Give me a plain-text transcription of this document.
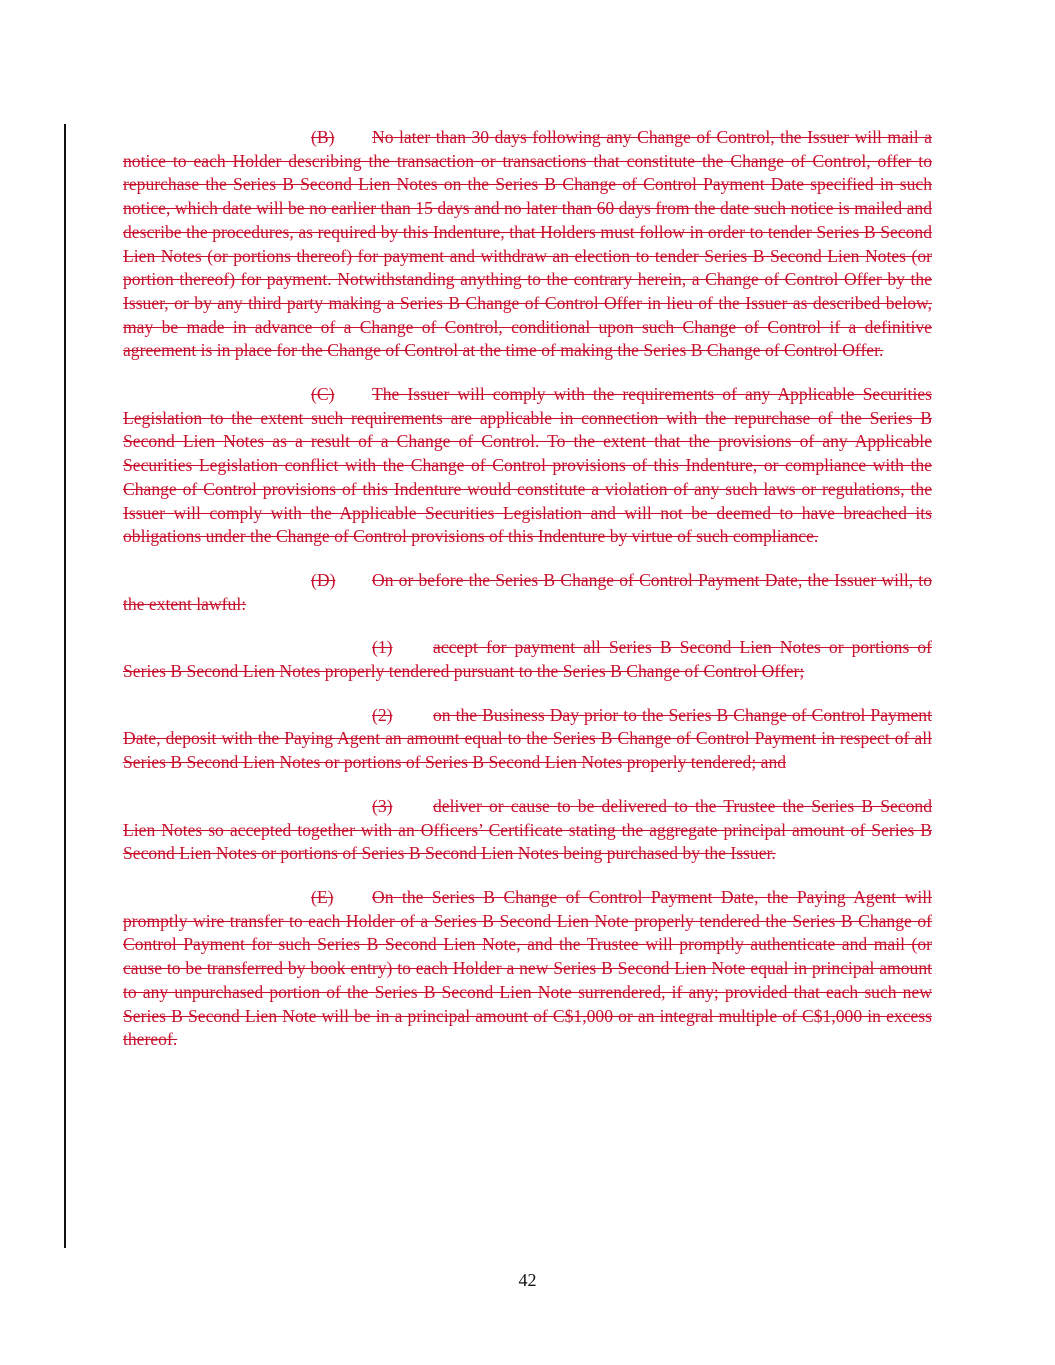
(B) No later than 30 days following any Change of Control, the Issuer will mail a notice to each Holder describing the transaction or transactions that constitute the Change of Control, offer to repurchase the Series B Second Lien Notes on the Series B Change of Control Payment Date specified in such notice, which date will be no earlier than 15 days and no later than 60 days from the date such notice is mailed and describe the procedures, as required by this Indenture, that Holders must follow in order to tender Series B Second Lien Notes (or portions thereof) for payment and withdraw an election to tender Series B Second Lien Notes (or portion thereof) for payment. Notwithstanding anything to the contrary herein, a Change of Control Offer by the Issuer, or by any third party making a Series B Change of Control Offer in lieu of the Issuer as described below, may be made in advance of a Change of Control, conditional upon such Change of Control if a definitive agreement is in place for the Change of Control at the time of making the Series B Change of Control Offer.

(C) The Issuer will comply with the requirements of any Applicable Securities Legislation to the extent such requirements are applicable in connection with the repurchase of the Series B Second Lien Notes as a result of a Change of Control. To the extent that the provisions of any Applicable Securities Legislation conflict with the Change of Control provisions of this Indenture, or compliance with the Change of Control provisions of this Indenture would constitute a violation of any such laws or regulations, the Issuer will comply with the Applicable Securities Legislation and will not be deemed to have breached its obligations under the Change of Control provisions of this Indenture by virtue of such compliance.

(D) On or before the Series B Change of Control Payment Date, the Issuer will, to the extent lawful:

(1) accept for payment all Series B Second Lien Notes or portions of Series B Second Lien Notes properly tendered pursuant to the Series B Change of Control Offer;

(2) on the Business Day prior to the Series B Change of Control Payment Date, deposit with the Paying Agent an amount equal to the Series B Change of Control Payment in respect of all Series B Second Lien Notes or portions of Series B Second Lien Notes properly tendered; and

(3) deliver or cause to be delivered to the Trustee the Series B Second Lien Notes so accepted together with an Officers’ Certificate stating the aggregate principal amount of Series B Second Lien Notes or portions of Series B Second Lien Notes being purchased by the Issuer.

(E) On the Series B Change of Control Payment Date, the Paying Agent will promptly wire transfer to each Holder of a Series B Second Lien Note properly tendered the Series B Change of Control Payment for such Series B Second Lien Note, and the Trustee will promptly authenticate and mail (or cause to be transferred by book entry) to each Holder a new Series B Second Lien Note equal in principal amount to any unpurchased portion of the Series B Second Lien Note surrendered, if any; provided that each such new Series B Second Lien Note will be in a principal amount of C$1,000 or an integral multiple of C$1,000 in excess thereof.

42
